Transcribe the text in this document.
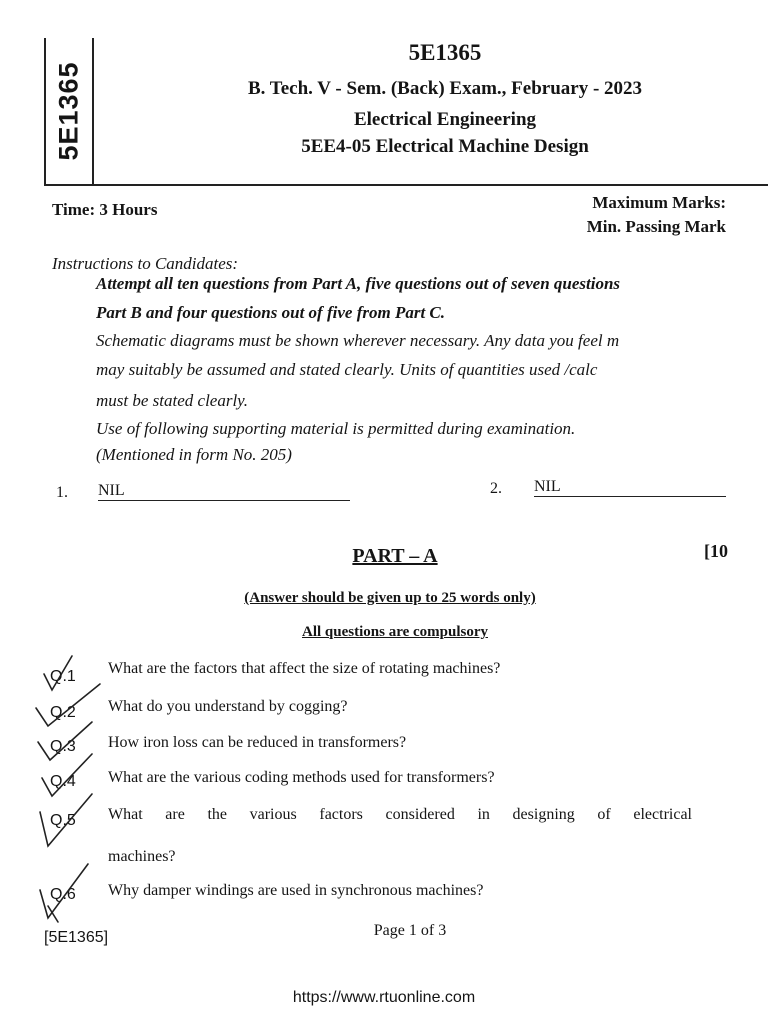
5E1365
5E1365
B. Tech. V - Sem. (Back) Exam., February - 2023
Electrical Engineering
5EE4-05 Electrical Machine Design
Time: 3 Hours	Maximum Marks:
Min. Passing Mark
Instructions to Candidates:
Attempt all ten questions from Part A, five questions out of seven questions
Part B and four questions out of five from Part C.
Schematic diagrams must be shown wherever necessary. Any data you feel m
may suitably be assumed and stated clearly. Units of quantities used /calc
must be stated clearly.
Use of following supporting material is permitted during examination.
(Mentioned in form No. 205)
1. NIL	2. NIL
PART – A	[10
(Answer should be given up to 25 words only)
All questions are compulsory
Q.1	What are the factors that affect the size of rotating machines?
Q.2	What do you understand by cogging?
Q.3	How iron loss can be reduced in transformers?
Q.4	What are the various coding methods used for transformers?
Q.5	What are the various factors considered in designing of electrical
machines?
Q.6	Why damper windings are used in synchronous machines?
[5E1365]	Page 1 of 3
https://www.rtuonline.com
